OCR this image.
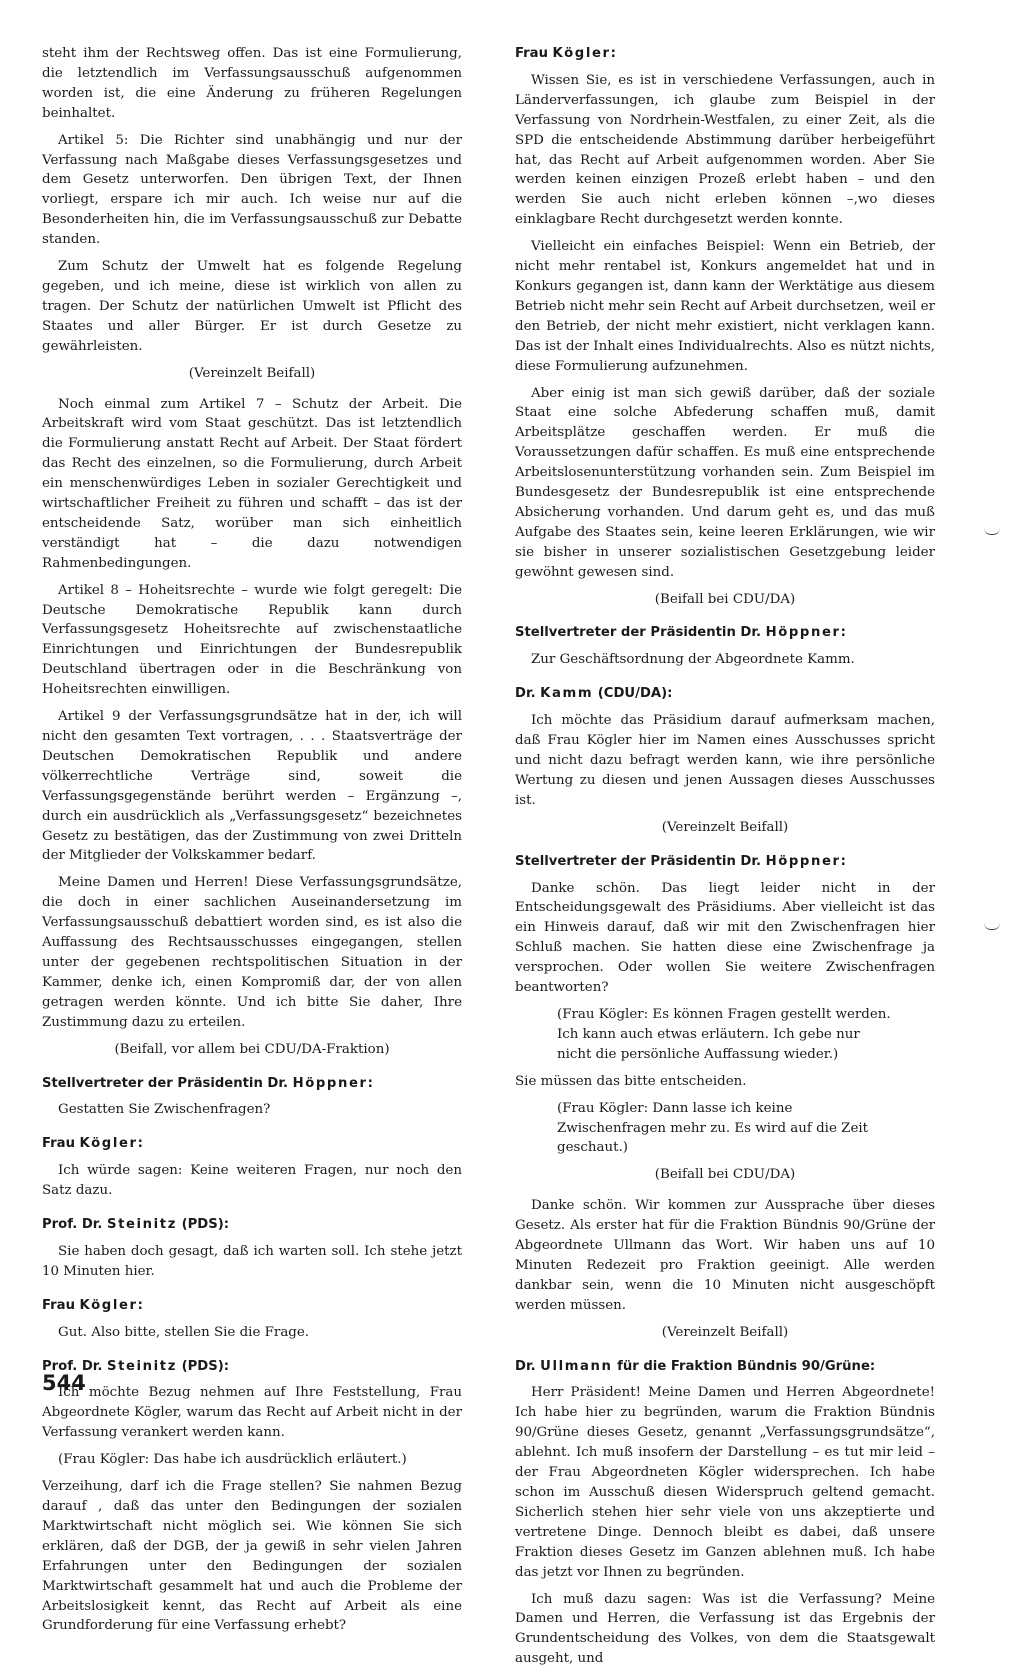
steht ihm der Rechtsweg offen. Das ist eine Formulierung, die letztendlich im Verfassungsausschuß aufgenommen worden ist, die eine Änderung zu früheren Regelungen beinhaltet.

Artikel 5: Die Richter sind unabhängig und nur der Verfassung nach Maßgabe dieses Verfassungsgesetzes und dem Gesetz unterworfen. Den übrigen Text, der Ihnen vorliegt, erspare ich mir auch. Ich weise nur auf die Besonderheiten hin, die im Verfassungsausschuß zur Debatte standen.

Zum Schutz der Umwelt hat es folgende Regelung gegeben, und ich meine, diese ist wirklich von allen zu tragen. Der Schutz der natürlichen Umwelt ist Pflicht des Staates und aller Bürger. Er ist durch Gesetze zu gewährleisten.

(Vereinzelt Beifall)

Noch einmal zum Artikel 7 – Schutz der Arbeit. Die Arbeitskraft wird vom Staat geschützt. Das ist letztendlich die Formulierung anstatt Recht auf Arbeit. Der Staat fördert das Recht des einzelnen, so die Formulierung, durch Arbeit ein menschenwürdiges Leben in sozialer Gerechtigkeit und wirtschaftlicher Freiheit zu führen und schafft – das ist der entscheidende Satz, worüber man sich einheitlich verständigt hat – die dazu notwendigen Rahmenbedingungen.

Artikel 8 – Hoheitsrechte – wurde wie folgt geregelt: Die Deutsche Demokratische Republik kann durch Verfassungsgesetz Hoheitsrechte auf zwischenstaatliche Einrichtungen und Einrichtungen der Bundesrepublik Deutschland übertragen oder in die Beschränkung von Hoheitsrechten einwilligen.

Artikel 9 der Verfassungsgrundsätze hat in der, ich will nicht den gesamten Text vortragen, . . . Staatsverträge der Deutschen Demokratischen Republik und andere völkerrechtliche Verträge sind, soweit die Verfassungsgegenstände berührt werden – Ergänzung –, durch ein ausdrücklich als „Verfassungsgesetz“ bezeichnetes Gesetz zu bestätigen, das der Zustimmung von zwei Dritteln der Mitglieder der Volkskammer bedarf.

Meine Damen und Herren! Diese Verfassungsgrundsätze, die doch in einer sachlichen Auseinandersetzung im Verfassungsausschuß debattiert worden sind, es ist also die Auffassung des Rechtsausschusses eingegangen, stellen unter der gegebenen rechtspolitischen Situation in der Kammer, denke ich, einen Kompromiß dar, der von allen getragen werden könnte. Und ich bitte Sie daher, Ihre Zustimmung dazu zu erteilen.

(Beifall, vor allem bei CDU/DA-Fraktion)

Stellvertreter der Präsidentin Dr. Höppner:

Gestatten Sie Zwischenfragen?

Frau Kögler:

Ich würde sagen: Keine weiteren Fragen, nur noch den Satz dazu.

Prof. Dr. Steinitz (PDS):

Sie haben doch gesagt, daß ich warten soll. Ich stehe jetzt 10 Minuten hier.

Frau Kögler:

Gut. Also bitte, stellen Sie die Frage.

Prof. Dr. Steinitz (PDS):

Ich möchte Bezug nehmen auf Ihre Feststellung, Frau Abgeordnete Kögler, warum das Recht auf Arbeit nicht in der Verfassung verankert werden kann.

(Frau Kögler: Das habe ich ausdrücklich erläutert.)

Verzeihung, darf ich die Frage stellen? Sie nahmen Bezug darauf , daß das unter den Bedingungen der sozialen Marktwirtschaft nicht möglich sei. Wie können Sie sich erklären, daß der DGB, der ja gewiß in sehr vielen Jahren Erfahrungen unter den Bedingungen der sozialen Marktwirtschaft gesammelt hat und auch die Probleme der Arbeitslosigkeit kennt, das Recht auf Arbeit als eine Grundforderung für eine Verfassung erhebt?

Frau Kögler:

Wissen Sie, es ist in verschiedene Verfassungen, auch in Länderverfassungen, ich glaube zum Beispiel in der Verfassung von Nordrhein-Westfalen, zu einer Zeit, als die SPD die entscheidende Abstimmung darüber herbeigeführt hat, das Recht auf Arbeit aufgenommen worden. Aber Sie werden keinen einzigen Prozeß erlebt haben – und den werden Sie auch nicht erleben können –,wo dieses einklagbare Recht durchgesetzt werden konnte.

Vielleicht ein einfaches Beispiel: Wenn ein Betrieb, der nicht mehr rentabel ist, Konkurs angemeldet hat und in Konkurs gegangen ist, dann kann der Werktätige aus diesem Betrieb nicht mehr sein Recht auf Arbeit durchsetzen, weil er den Betrieb, der nicht mehr existiert, nicht verklagen kann. Das ist der Inhalt eines Individualrechts. Also es nützt nichts, diese Formulierung aufzunehmen.

Aber einig ist man sich gewiß darüber, daß der soziale Staat eine solche Abfederung schaffen muß, damit Arbeitsplätze geschaffen werden. Er muß die Voraussetzungen dafür schaffen. Es muß eine entsprechende Arbeitslosenunterstützung vorhanden sein. Zum Beispiel im Bundesgesetz der Bundesrepublik ist eine entsprechende Absicherung vorhanden. Und darum geht es, und das muß Aufgabe des Staates sein, keine leeren Erklärungen, wie wir sie bisher in unserer sozialistischen Gesetzgebung leider gewöhnt gewesen sind.

(Beifall bei CDU/DA)

Stellvertreter der Präsidentin Dr. Höppner:

Zur Geschäftsordnung der Abgeordnete Kamm.

Dr. Kamm (CDU/DA):

Ich möchte das Präsidium darauf aufmerksam machen, daß Frau Kögler hier im Namen eines Ausschusses spricht und nicht dazu befragt werden kann, wie ihre persönliche Wertung zu diesen und jenen Aussagen dieses Ausschusses ist.

(Vereinzelt Beifall)

Stellvertreter der Präsidentin Dr. Höppner:

Danke schön. Das liegt leider nicht in der Entscheidungsgewalt des Präsidiums. Aber vielleicht ist das ein Hinweis darauf, daß wir mit den Zwischenfragen hier Schluß machen. Sie hatten diese eine Zwischenfrage ja versprochen. Oder wollen Sie weitere Zwischenfragen beantworten?

(Frau Kögler: Es können Fragen gestellt werden. Ich kann auch etwas erläutern. Ich gebe nur nicht die persönliche Auffassung wieder.)

Sie müssen das bitte entscheiden.

(Frau Kögler: Dann lasse ich keine Zwischenfragen mehr zu. Es wird auf die Zeit geschaut.)

(Beifall bei CDU/DA)

Danke schön. Wir kommen zur Aussprache über dieses Gesetz. Als erster hat für die Fraktion Bündnis 90/Grüne der Abgeordnete Ullmann das Wort. Wir haben uns auf 10 Minuten Redezeit pro Fraktion geeinigt. Alle werden dankbar sein, wenn die 10 Minuten nicht ausgeschöpft werden müssen.

(Vereinzelt Beifall)

Dr. Ullmann für die Fraktion Bündnis 90/Grüne:

Herr Präsident! Meine Damen und Herren Abgeordnete! Ich habe hier zu begründen, warum die Fraktion Bündnis 90/Grüne dieses Gesetz, genannt „Verfassungsgrundsätze“, ablehnt. Ich muß insofern der Darstellung – es tut mir leid – der Frau Abgeordneten Kögler widersprechen. Ich habe schon im Ausschuß diesen Widerspruch geltend gemacht. Sicherlich stehen hier sehr viele von uns akzeptierte und vertretene Dinge. Dennoch bleibt es dabei, daß unsere Fraktion dieses Gesetz im Ganzen ablehnen muß. Ich habe das jetzt vor Ihnen zu begründen.

Ich muß dazu sagen: Was ist die Verfassung? Meine Damen und Herren, die Verfassung ist das Ergebnis der Grundentscheidung des Volkes, von dem die Staatsgewalt ausgeht, und

544
